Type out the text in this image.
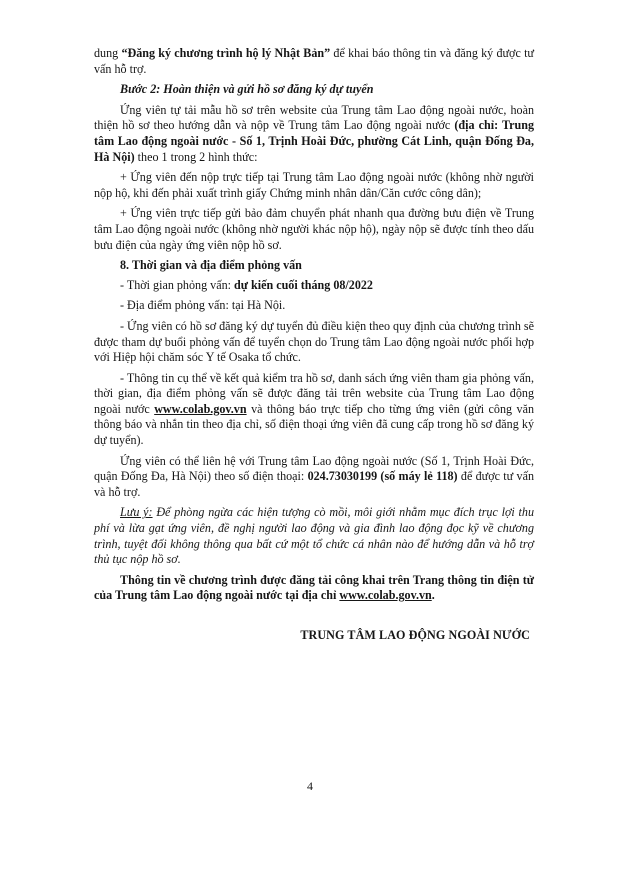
dung “Đăng ký chương trình hộ lý Nhật Bản” để khai báo thông tin và đăng ký được tư vấn hỗ trợ.

Bước 2: Hoàn thiện và gửi hồ sơ đăng ký dự tuyển

Ứng viên tự tải mẫu hồ sơ trên website của Trung tâm Lao động ngoài nước, hoàn thiện hồ sơ theo hướng dẫn và nộp về Trung tâm Lao động ngoài nước (địa chỉ: Trung tâm Lao động ngoài nước - Số 1, Trịnh Hoài Đức, phường Cát Linh, quận Đống Đa, Hà Nội) theo 1 trong 2 hình thức:

+ Ứng viên đến nộp trực tiếp tại Trung tâm Lao động ngoài nước (không nhờ người nộp hộ, khi đến phải xuất trình giấy Chứng minh nhân dân/Căn cước công dân);

+ Ứng viên trực tiếp gửi bảo đảm chuyển phát nhanh qua đường bưu điện về Trung tâm Lao động ngoài nước (không nhờ người khác nộp hộ), ngày nộp sẽ được tính theo dấu bưu điện của ngày ứng viên nộp hồ sơ.

8. Thời gian và địa điểm phỏng vấn

- Thời gian phỏng vấn: dự kiến cuối tháng 08/2022

- Địa điểm phỏng vấn: tại Hà Nội.

- Ứng viên có hồ sơ đăng ký dự tuyển đủ điều kiện theo quy định của chương trình sẽ được tham dự buổi phỏng vấn để tuyển chọn do Trung tâm Lao động ngoài nước phối hợp với Hiệp hội chăm sóc Y tế Osaka tổ chức.

- Thông tin cụ thể về kết quả kiểm tra hồ sơ, danh sách ứng viên tham gia phỏng vấn, thời gian, địa điểm phỏng vấn sẽ được đăng tải trên website của Trung tâm Lao động ngoài nước www.colab.gov.vn và thông báo trực tiếp cho từng ứng viên (gửi công văn thông báo và nhắn tin theo địa chỉ, số điện thoại ứng viên đã cung cấp trong hồ sơ đăng ký dự tuyển).

Ứng viên có thể liên hệ với Trung tâm Lao động ngoài nước (Số 1, Trịnh Hoài Đức, quận Đống Đa, Hà Nội) theo số điện thoại: 024.73030199 (số máy lẻ 118) để được tư vấn và hỗ trợ.

Lưu ý: Để phòng ngừa các hiện tượng cò mồi, môi giới nhằm mục đích trục lợi thu phí và lừa gạt ứng viên, đề nghị người lao động và gia đình lao động đọc kỹ về chương trình, tuyệt đối không thông qua bất cứ một tổ chức cá nhân nào để hướng dẫn và hỗ trợ thủ tục nộp hồ sơ.

Thông tin về chương trình được đăng tải công khai trên Trang thông tin điện tử của Trung tâm Lao động ngoài nước tại địa chỉ www.colab.gov.vn.

TRUNG TÂM LAO ĐỘNG NGOÀI NƯỚC

4
